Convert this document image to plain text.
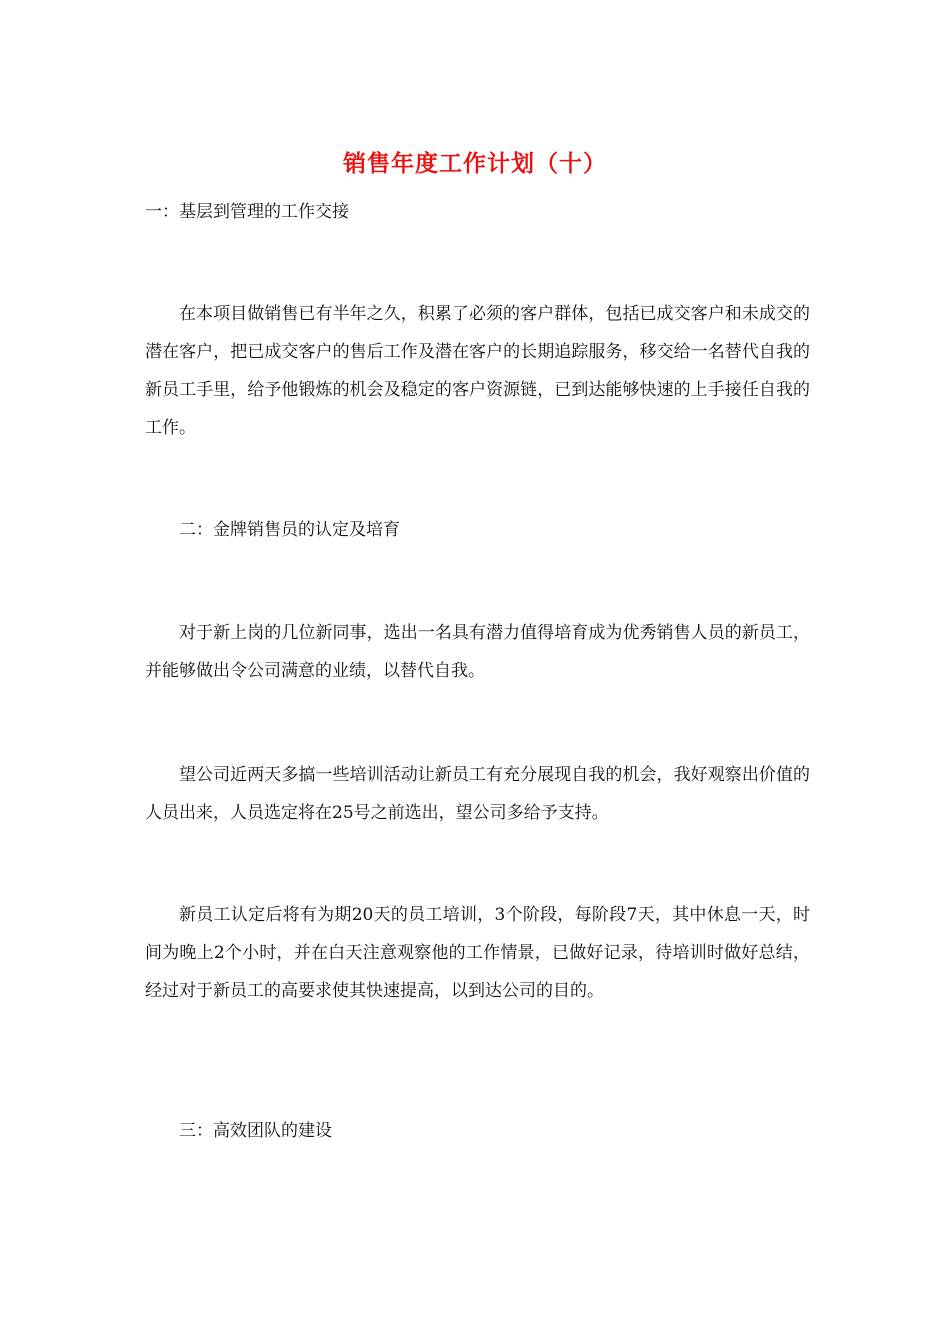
销售年度工作计划（十）

一：基层到管理的工作交接

在本项目做销售已有半年之久，积累了必须的客户群体，包括已成交客户和未成交的潜在客户，把已成交客户的售后工作及潜在客户的长期追踪服务，移交给一名替代自我的新员工手里，给予他锻炼的机会及稳定的客户资源链，已到达能够快速的上手接任自我的工作。

二：金牌销售员的认定及培育

对于新上岗的几位新同事，选出一名具有潜力值得培育成为优秀销售人员的新员工，并能够做出令公司满意的业绩，以替代自我。

望公司近两天多搞一些培训活动让新员工有充分展现自我的机会，我好观察出价值的人员出来，人员选定将在25号之前选出，望公司多给予支持。

新员工认定后将有为期20天的员工培训，3个阶段，每阶段7天，其中休息一天，时间为晚上2个小时，并在白天注意观察他的工作情景，已做好记录，待培训时做好总结，经过对于新员工的高要求使其快速提高，以到达公司的目的。

三：高效团队的建设
